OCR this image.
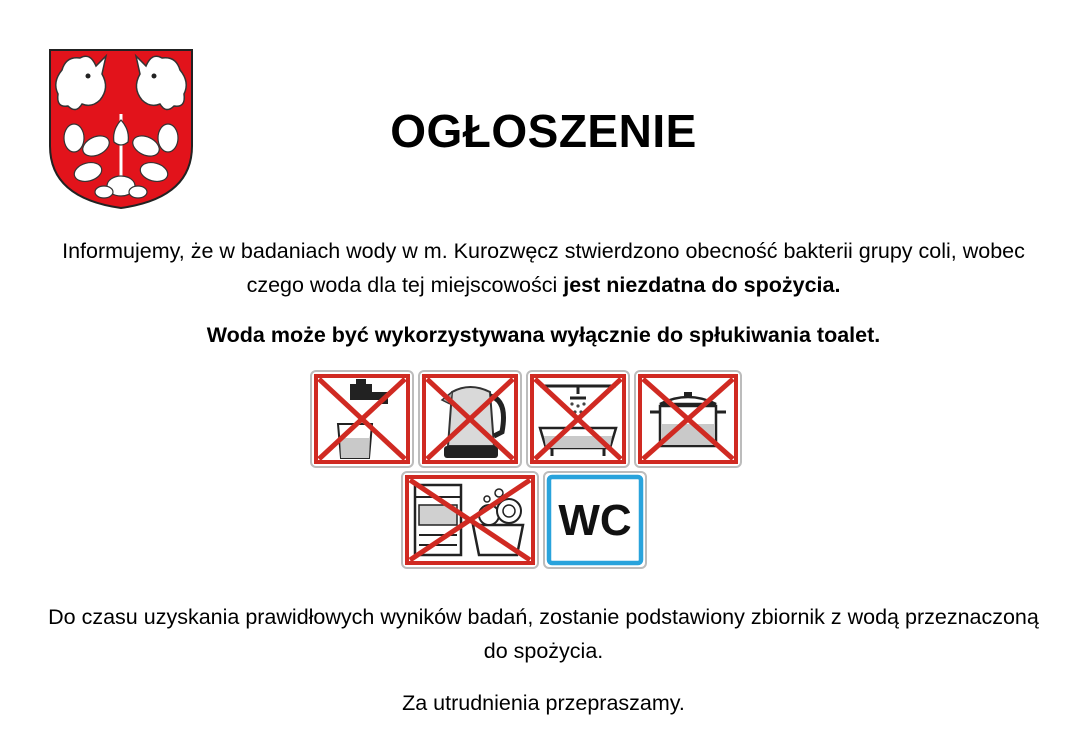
OGŁOSZENIE
Informujemy, że w badaniach wody w m. Kurozwęcz stwierdzono obecność bakterii grupy coli, wobec czego woda dla tej miejscowości jest niezdatna do spożycia.
Woda może być wykorzystywana wyłącznie do spłukiwania toalet.
WC
Do czasu uzyskania prawidłowych wyników badań, zostanie podstawiony zbiornik z wodą przeznaczoną do spożycia.
Za utrudnienia przepraszamy.
